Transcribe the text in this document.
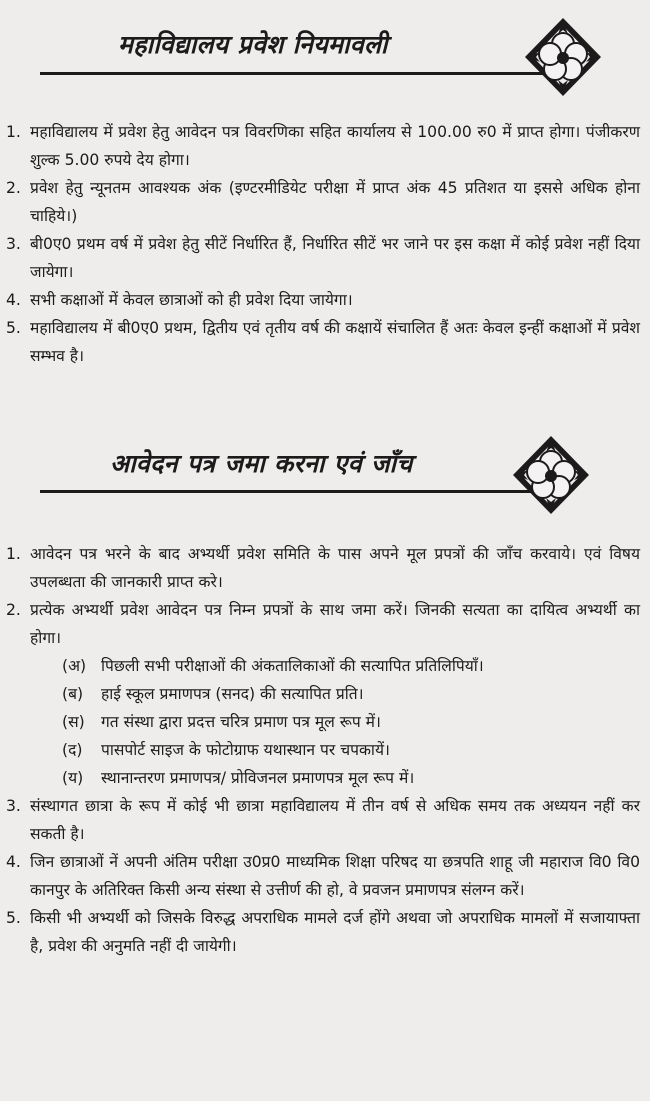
महाविद्यालय प्रवेश नियमावली
1. महाविद्यालय में प्रवेश हेतु आवेदन पत्र विवरणिका सहित कार्यालय से 100.00 रु0 में प्राप्त होगा। पंजीकरण शुल्क 5.00 रुपये देय होगा।
2. प्रवेश हेतु न्यूनतम आवश्यक अंक (इण्टरमीडियेट परीक्षा में प्राप्त अंक 45 प्रतिशत या इससे अधिक होना चाहिये।)
3. बी0ए0 प्रथम वर्ष में प्रवेश हेतु सीटें निर्धारित हैं, निर्धारित सीटें भर जाने पर इस कक्षा में कोई प्रवेश नहीं दिया जायेगा।
4. सभी कक्षाओं में केवल छात्राओं को ही प्रवेश दिया जायेगा।
5. महाविद्यालय में बी0ए0 प्रथम, द्वितीय एवं तृतीय वर्ष की कक्षायें संचालित हैं अतः केवल इन्हीं कक्षाओं में प्रवेश सम्भव है।
आवेदन पत्र जमा करना एवं जाँच
1. आवेदन पत्र भरने के बाद अभ्यर्थी प्रवेश समिति के पास अपने मूल प्रपत्रों की जाँच करवाये। एवं विषय उपलब्धता की जानकारी प्राप्त करे।
2. प्रत्येक अभ्यर्थी प्रवेश आवेदन पत्र निम्न प्रपत्रों के साथ जमा करें। जिनकी सत्यता का दायित्व अभ्यर्थी का होगा।
(अ) पिछली सभी परीक्षाओं की अंकतालिकाओं की सत्यापित प्रतिलिपियाँ।
(ब) हाई स्कूल प्रमाणपत्र (सनद) की सत्यापित प्रति।
(स) गत संस्था द्वारा प्रदत्त चरित्र प्रमाण पत्र मूल रूप में।
(द) पासपोर्ट साइज के फोटोग्राफ यथास्थान पर चपकायें।
(य) स्थानान्तरण प्रमाणपत्र/ प्रोविजनल प्रमाणपत्र मूल रूप में।
3. संस्थागत छात्रा के रूप में कोई भी छात्रा महाविद्यालय में तीन वर्ष से अधिक समय तक अध्ययन नहीं कर सकती है।
4. जिन छात्राओं नें अपनी अंतिम परीक्षा उ0प्र0 माध्यमिक शिक्षा परिषद या छत्रपति शाहू जी महाराज वि0 वि0 कानपुर के अतिरिक्त किसी अन्य संस्था से उत्तीर्ण की हो, वे प्रवजन प्रमाणपत्र संलग्न करें।
5. किसी भी अभ्यर्थी को जिसके विरुद्ध अपराधिक मामले दर्ज होंगे अथवा जो अपराधिक मामलों में सजायाफ्ता है, प्रवेश की अनुमति नहीं दी जायेगी।
